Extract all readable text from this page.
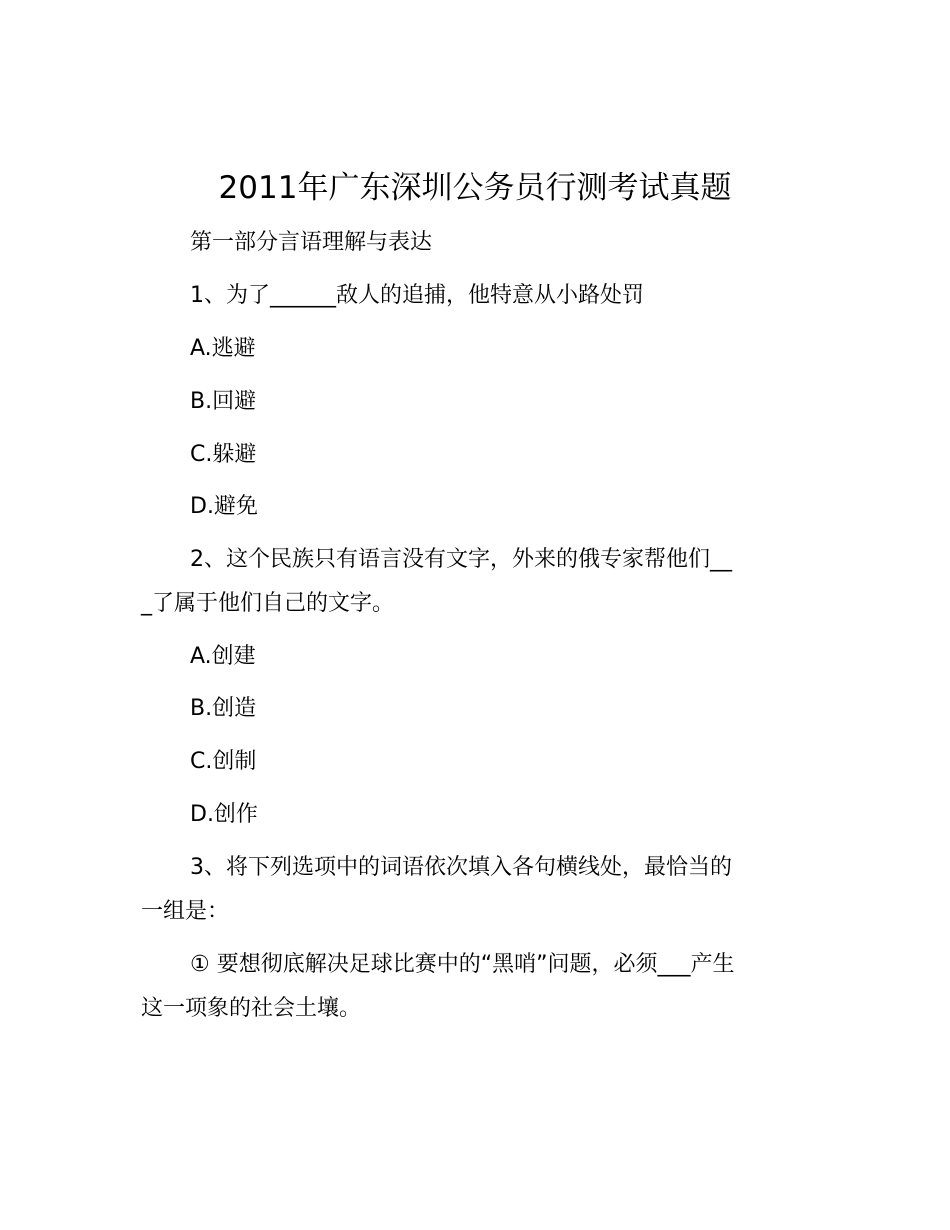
2011年广东深圳公务员行测考试真题
第一部分言语理解与表达
1、为了______敌人的追捕，他特意从小路处罚
A.逃避
B.回避
C.躲避
D.避免
2、这个民族只有语言没有文字，外来的俄专家帮他们__
_了属于他们自己的文字。
A.创建
B.创造
C.创制
D.创作
3、将下列选项中的词语依次填入各句横线处，最恰当的
一组是：
① 要想彻底解决足球比赛中的“黑哨”问题，必须___产生
这一项象的社会土壤。
